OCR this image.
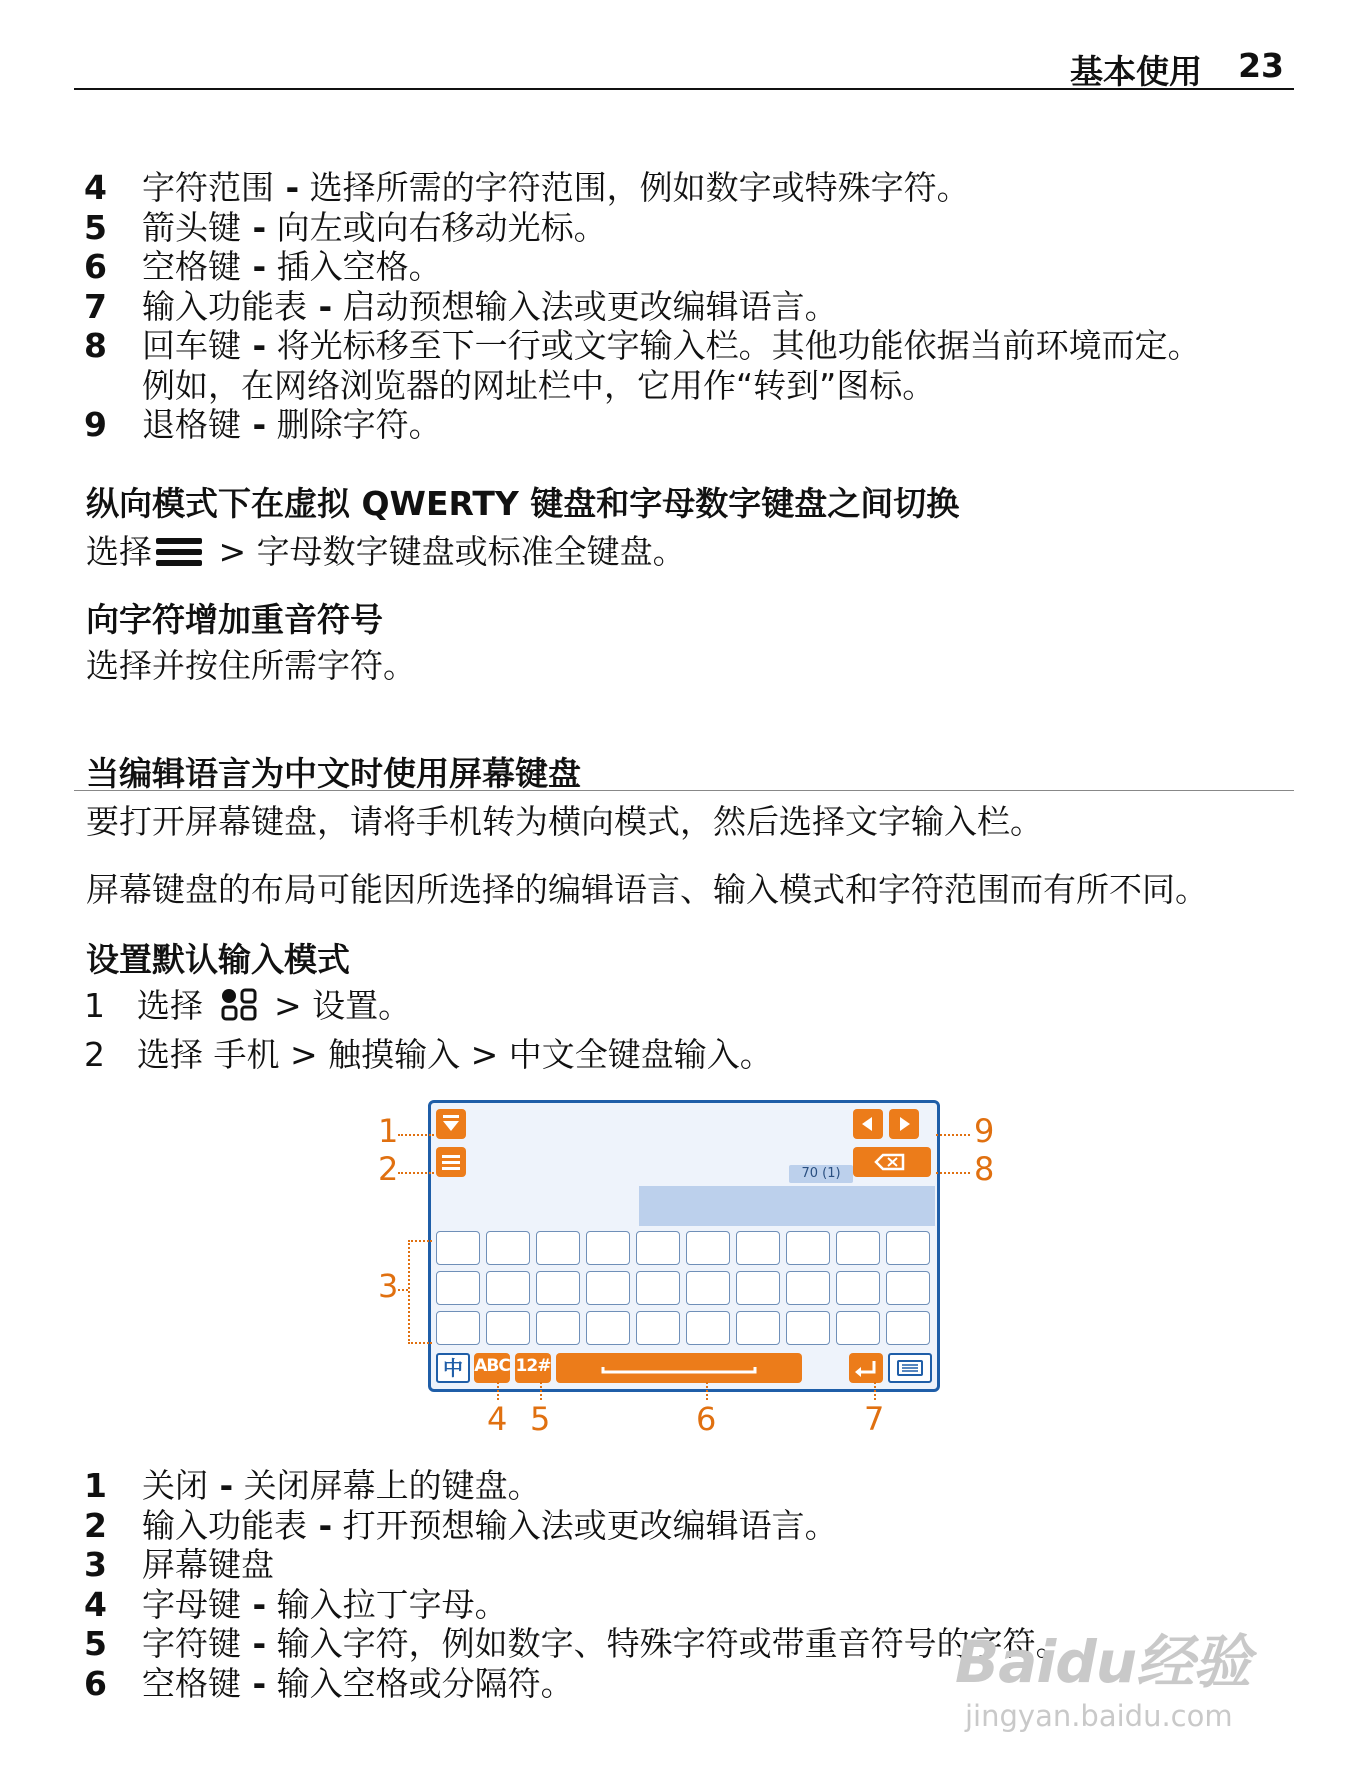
基本使用 23
4 字符范围 - 选择所需的字符范围，例如数字或特殊字符。
5 箭头键 - 向左或向右移动光标。
6 空格键 - 插入空格。
7 输入功能表 - 启动预想输入法或更改编辑语言。
8 回车键 - 将光标移至下一行或文字输入栏。其他功能依据当前环境而定。
例如，在网络浏览器的网址栏中，它用作“转到”图标。
9 退格键 - 删除字符。
纵向模式下在虚拟 QWERTY 键盘和字母数字键盘之间切换
选择 > 字母数字键盘或标准全键盘。
向字符增加重音符号
选择并按住所需字符。
当编辑语言为中文时使用屏幕键盘
要打开屏幕键盘，请将手机转为横向模式，然后选择文字输入栏。
屏幕键盘的布局可能因所选择的编辑语言、输入模式和字符范围而有所不同。
设置默认输入模式
1 选择  > 设置。
2 选择 手机 > 触摸输入 > 中文全键盘输入。
70 (1)
中 ABC 12#
1
2
3
4 5	6	7
8
9
1 关闭 - 关闭屏幕上的键盘。
2 输入功能表 - 打开预想输入法或更改编辑语言。
3 屏幕键盘
4 字母键 - 输入拉丁字母。
5 字符键 - 输入字符，例如数字、特殊字符或带重音符号的字符。
6 空格键 - 输入空格或分隔符。	Baidu经验
jingyan.baidu.com
